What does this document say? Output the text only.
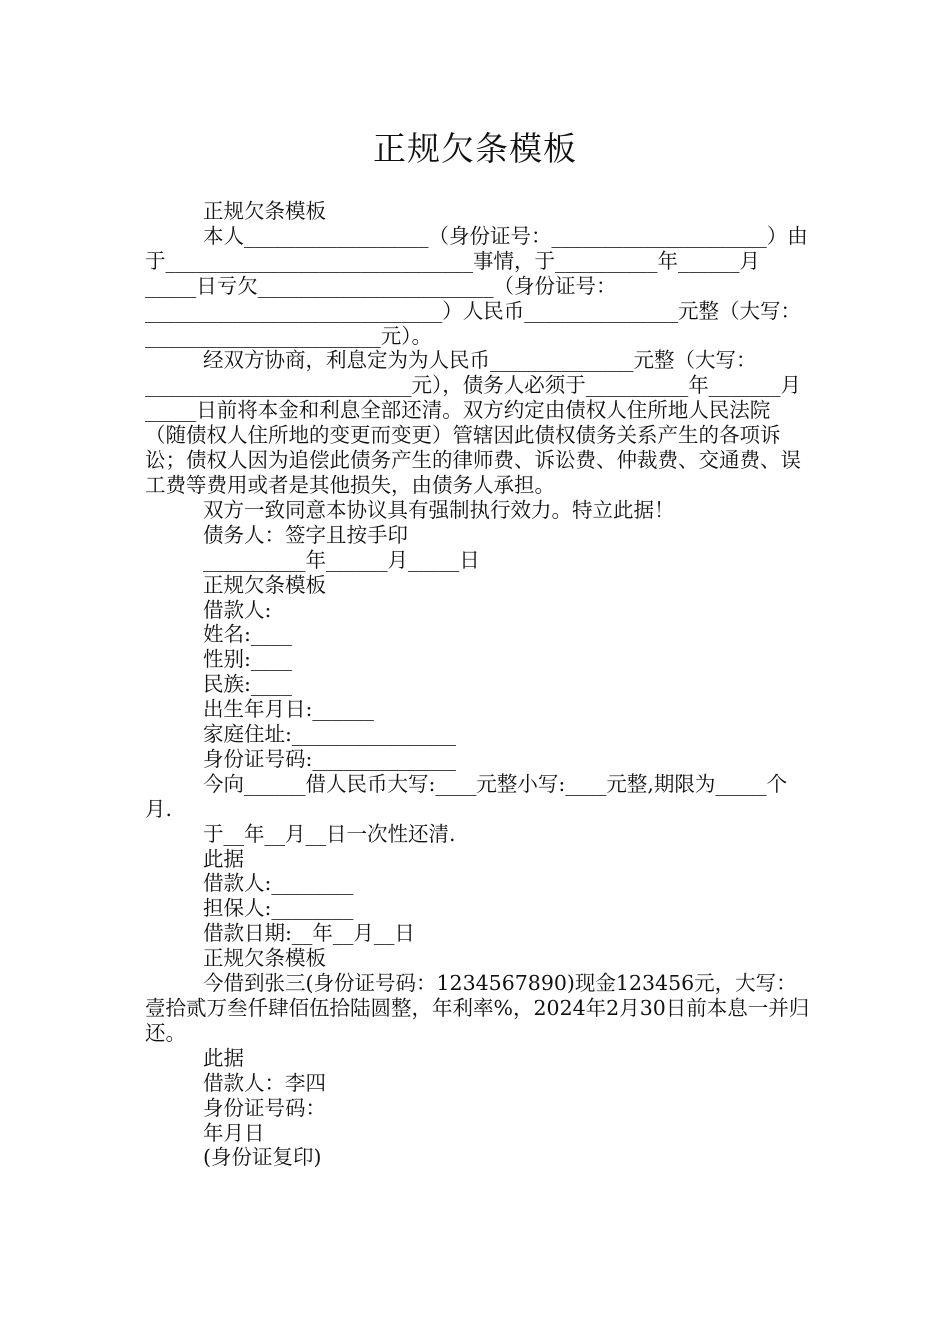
正规欠条模板

正规欠条模板

本人__________________（身份证号：_____________________）由于______________________________事情，于__________年______月_____日亏欠_______________________（身份证号：_____________________________）人民币_______________元整（大写：_______________________元）。

经双方协商，利息定为为人民币______________元整（大写：__________________________元），债务人必须于__________年_______月_____日前将本金和利息全部还清。双方约定由债权人住所地人民法院（随债权人住所地的变更而变更）管辖因此债权债务关系产生的各项诉讼；债权人因为追偿此债务产生的律师费、诉讼费、仲裁费、交通费、误工费等费用或者是其他损失，由债务人承担。

双方一致同意本协议具有强制执行效力。特立此据！

债务人：签字且按手印

__________年______月_____日

正规欠条模板

借款人:

姓名:____

性别:____

民族:____

出生年月日:______

家庭住址:________________

身份证号码:______________

今向______借人民币大写:____元整小写:____元整,期限为_____个月.

于__年__月__日一次性还清.

此据

借款人:________

担保人:________

借款日期:__年__月__日

正规欠条模板

今借到张三(身份证号码：1234567890)现金123456元，大写：壹拾贰万叁仟肆佰伍拾陆圆整，年利率%，2024年2月30日前本息一并归还。

此据

借款人：李四

身份证号码：

年月日

(身份证复印)
